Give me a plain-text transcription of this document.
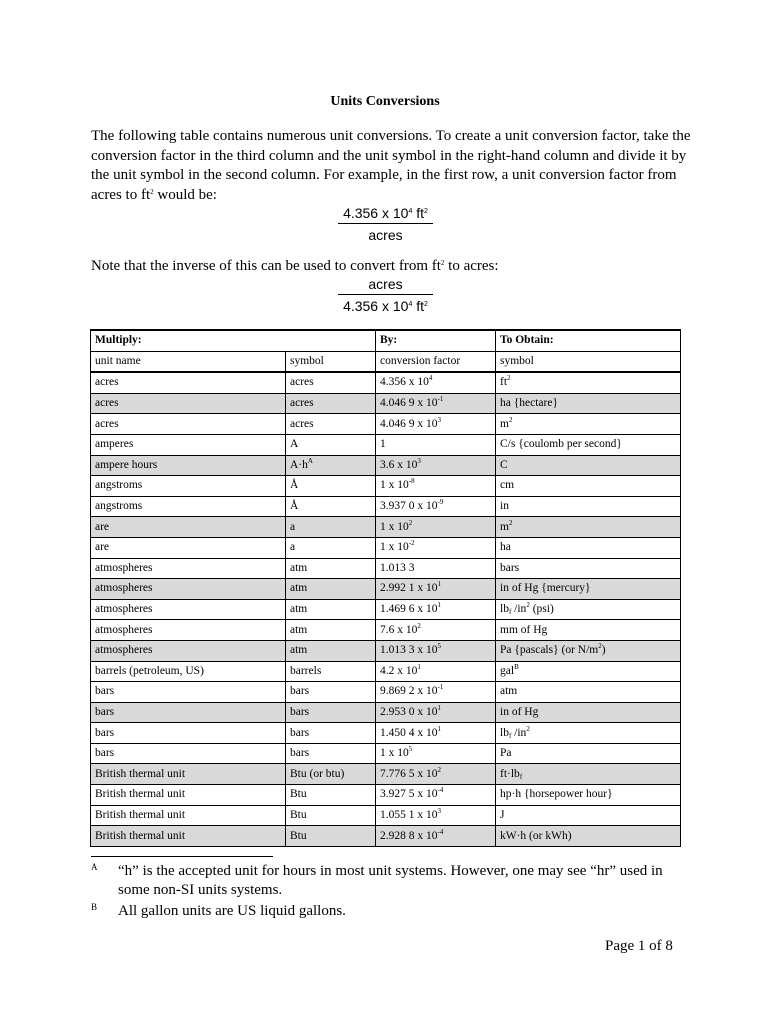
Units Conversions
The following table contains numerous unit conversions. To create a unit conversion factor, take the conversion factor in the third column and the unit symbol in the right-hand column and divide it by the unit symbol in the second column. For example, in the first row, a unit conversion factor from acres to $ft^2$ would be:
4.356 x $10^4$ $ft^2$
acres
Note that the inverse of this can be used to convert from $ft^2$ to acres:
acres
4.356 x $10^4$ $ft^2$
Multiply:		By:	To Obtain:
unit name	symbol	conversion factor	symbol
acres	acres	4.356 x $10^4$	$ft^2$
acres	acres	4.046 9 x $10^{-1}$	ha {hectare}
acres	acres	4.046 9 x $10^3$	$m^2$
amperes	A	1	C/s {coulomb per second}
ampere hours	$A\cdot h^A$	3.6 x $10^3$	C
angstroms	Å	1 x $10^{-8}$	cm
angstroms	Å	3.937 0 x $10^{-9}$	in
are	a	1 x $10^2$	$m^2$
are	a	1 x $10^{-2}$	ha
atmospheres	atm	1.013 3	bars
atmospheres	atm	2.992 1 x $10^1$	in of Hg {mercury}
atmospheres	atm	1.469 6 x $10^1$	$lb_f$ $/in^2$ (psi)
atmospheres	atm	7.6 x $10^2$	mm of Hg
atmospheres	atm	1.013 3 x $10^5$	Pa {pascals} (or $N/m^2$)
barrels (petroleum, US)	barrels	4.2 x $10^1$	gal$^B$
bars	bars	9.869 2 x $10^{-1}$	atm
bars	bars	2.953 0 x $10^1$	in of Hg
bars	bars	1.450 4 x $10^1$	$lb_f$ $/in^2$
bars	bars	1 x $10^5$	Pa
British thermal unit	Btu (or btu)	7.776 5 x $10^2$	$ft\cdot lb_f$
British thermal unit	Btu	3.927 5 x $10^{-4}$	hp·h {horsepower hour}
British thermal unit	Btu	1.055 1 x $10^3$	J
British thermal unit	Btu	2.928 8 x $10^{-4}$	kW·h (or kWh)
A “h” is the accepted unit for hours in most unit systems. However, one may see “hr” used in some non-SI units systems.
B All gallon units are US liquid gallons.
Page 1 of 8
